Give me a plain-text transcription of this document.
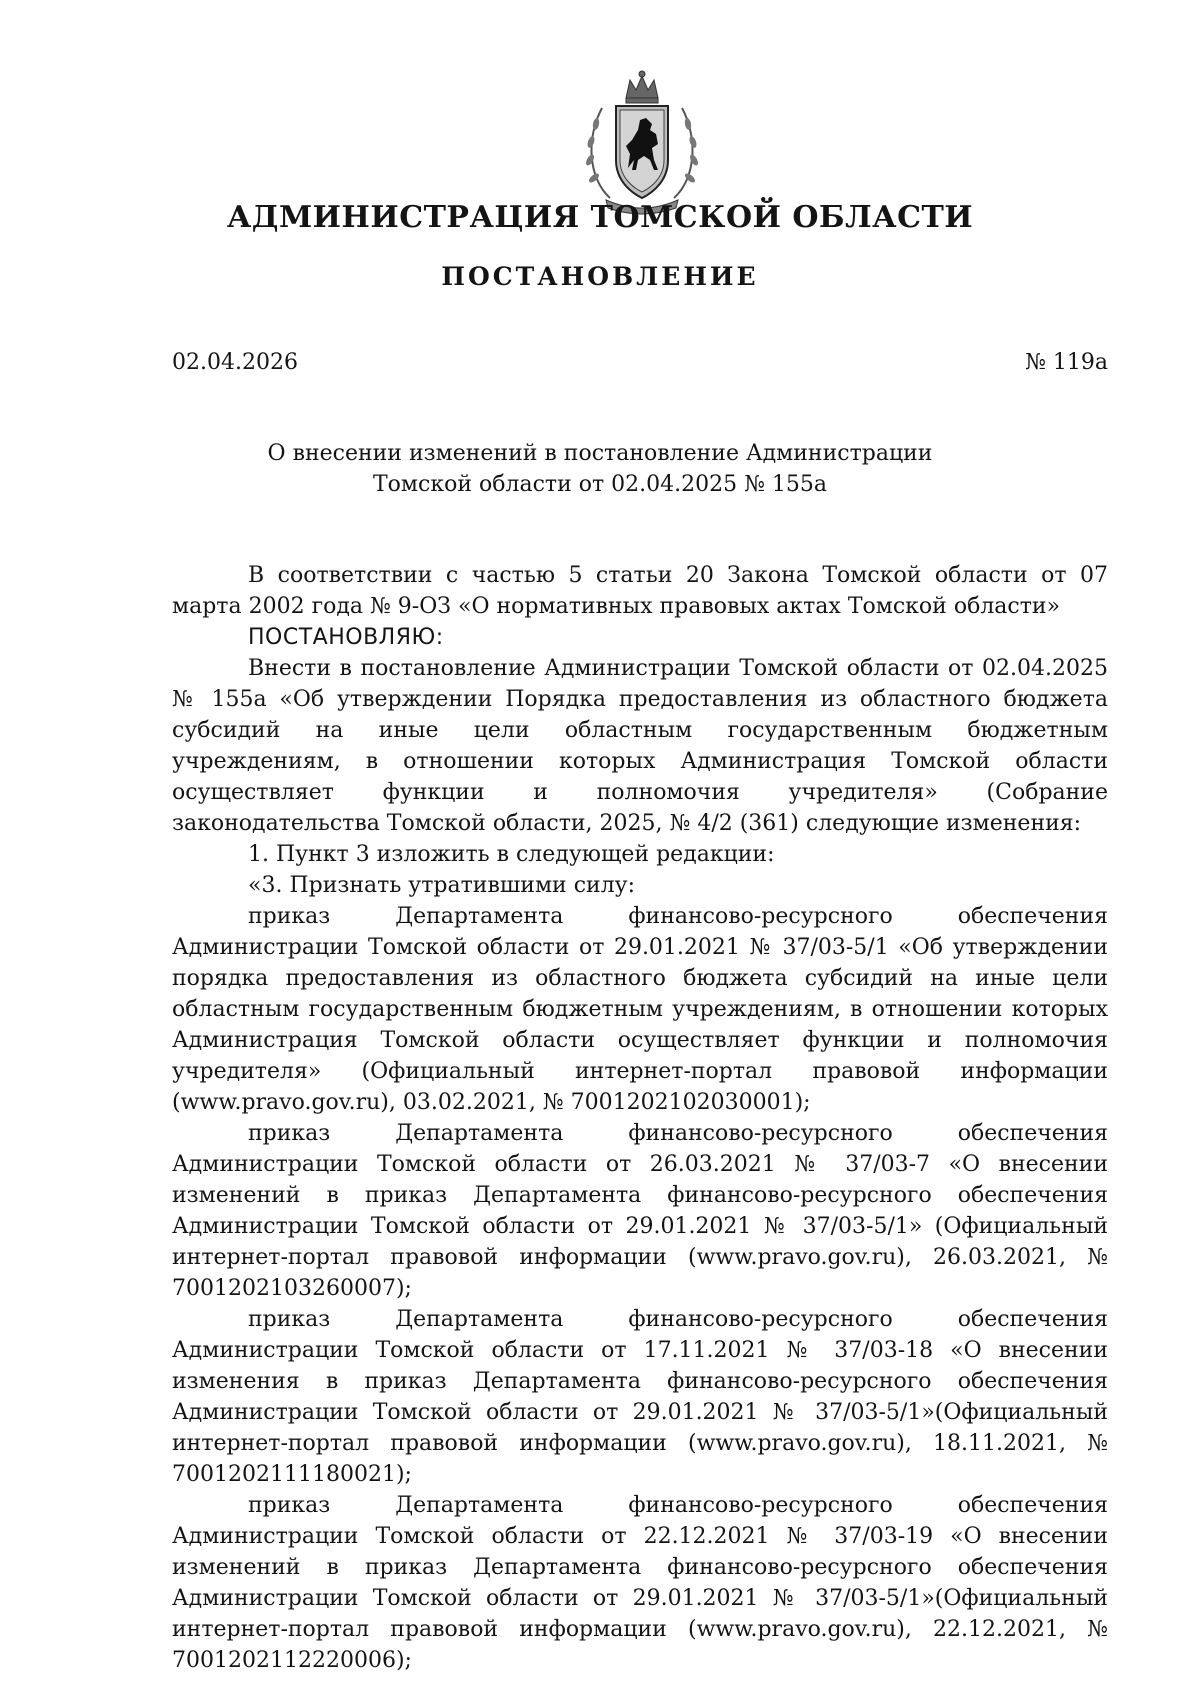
АДМИНИСТРАЦИЯ ТОМСКОЙ ОБЛАСТИ
ПОСТАНОВЛЕНИЕ
02.04.2026	№ 119а
О внесении изменений в постановление Администрации
Томской области от 02.04.2025 № 155а

В соответствии с частью 5 статьи 20 Закона Томской области от 07 марта 2002 года № 9-ОЗ «О нормативных правовых актах Томской области»

ПОСТАНОВЛЯЮ:

Внести в постановление Администрации Томской области от 02.04.2025 № 155а «Об утверждении Порядка предоставления из областного бюджета субсидий на иные цели областным государственным бюджетным учреждениям, в отношении которых Администрация Томской области осуществляет функции и полномочия учредителя» (Собрание законодательства Томской области, 2025, № 4/2 (361) следующие изменения:

1. Пункт 3 изложить в следующей редакции:

«3. Признать утратившими силу:

приказ Департамента финансово-ресурсного обеспечения Администрации Томской области от 29.01.2021 № 37/03-5/1 «Об утверждении порядка предоставления из областного бюджета субсидий на иные цели областным государственным бюджетным учреждениям, в отношении которых Администрация Томской области осуществляет функции и полномочия учредителя» (Официальный интернет-портал правовой информации (www.pravo.gov.ru), 03.02.2021, № 7001202102030001);

приказ Департамента финансово-ресурсного обеспечения Администрации Томской области от 26.03.2021 № 37/03-7 «О внесении изменений в приказ Департамента финансово-ресурсного обеспечения Администрации Томской области от 29.01.2021 № 37/03-5/1» (Официальный интернет-портал правовой информации (www.pravo.gov.ru), 26.03.2021, № 7001202103260007);

приказ Департамента финансово-ресурсного обеспечения Администрации Томской области от 17.11.2021 № 37/03-18 «О внесении изменения в приказ Департамента финансово-ресурсного обеспечения Администрации Томской области от 29.01.2021 № 37/03-5/1»(Официальный интернет-портал правовой информации (www.pravo.gov.ru), 18.11.2021, № 7001202111180021);

приказ Департамента финансово-ресурсного обеспечения Администрации Томской области от 22.12.2021 № 37/03-19 «О внесении изменений в приказ Департамента финансово-ресурсного обеспечения Администрации Томской области от 29.01.2021 № 37/03-5/1»(Официальный интернет-портал правовой информации (www.pravo.gov.ru), 22.12.2021, № 7001202112220006);
